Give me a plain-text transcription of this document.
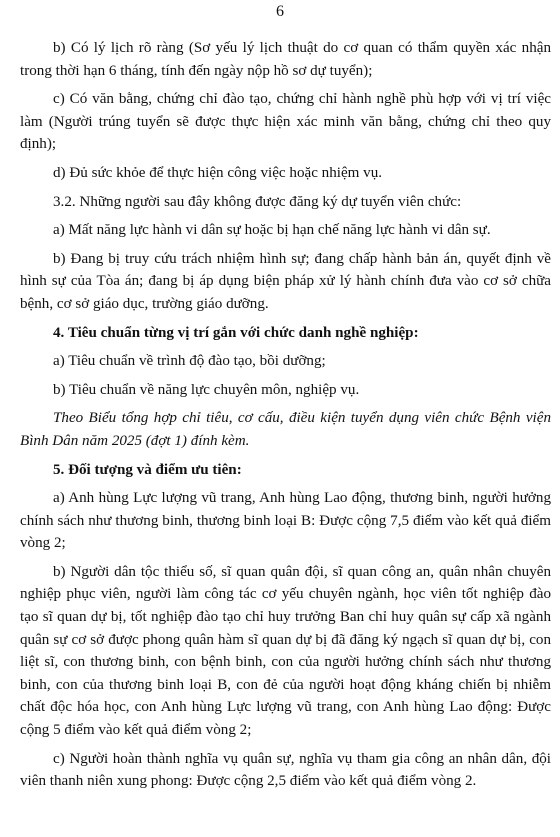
6

b) Có lý lịch rõ ràng (Sơ yếu lý lịch thuật do cơ quan có thẩm quyền xác nhận trong thời hạn 6 tháng, tính đến ngày nộp hồ sơ dự tuyển);

c) Có văn bằng, chứng chỉ đào tạo, chứng chỉ hành nghề phù hợp với vị trí việc làm (Người trúng tuyển sẽ được thực hiện xác minh văn bằng, chứng chỉ theo quy định);

d) Đủ sức khỏe để thực hiện công việc hoặc nhiệm vụ.

3.2. Những người sau đây không được đăng ký dự tuyển viên chức:

a) Mất năng lực hành vi dân sự hoặc bị hạn chế năng lực hành vi dân sự.

b) Đang bị truy cứu trách nhiệm hình sự; đang chấp hành bản án, quyết định về hình sự của Tòa án; đang bị áp dụng biện pháp xử lý hành chính đưa vào cơ sở chữa bệnh, cơ sở giáo dục, trường giáo dưỡng.

4. Tiêu chuẩn từng vị trí gắn với chức danh nghề nghiệp:

a) Tiêu chuẩn về trình độ đào tạo, bồi dưỡng;

b) Tiêu chuẩn về năng lực chuyên môn, nghiệp vụ.

Theo Biểu tổng hợp chỉ tiêu, cơ cấu, điều kiện tuyển dụng viên chức Bệnh viện Bình Dân năm 2025 (đợt 1) đính kèm.

5. Đối tượng và điểm ưu tiên:

a) Anh hùng Lực lượng vũ trang, Anh hùng Lao động, thương binh, người hưởng chính sách như thương binh, thương binh loại B: Được cộng 7,5 điểm vào kết quả điểm vòng 2;

b) Người dân tộc thiểu số, sĩ quan quân đội, sĩ quan công an, quân nhân chuyên nghiệp phục viên, người làm công tác cơ yếu chuyên ngành, học viên tốt nghiệp đào tạo sĩ quan dự bị, tốt nghiệp đào tạo chỉ huy trưởng Ban chỉ huy quân sự cấp xã ngành quân sự cơ sở được phong quân hàm sĩ quan dự bị đã đăng ký ngạch sĩ quan dự bị, con liệt sĩ, con thương binh, con bệnh binh, con của người hưởng chính sách như thương binh, con của thương binh loại B, con đẻ của người hoạt động kháng chiến bị nhiễm chất độc hóa học, con Anh hùng Lực lượng vũ trang, con Anh hùng Lao động: Được cộng 5 điểm vào kết quả điểm vòng 2;

c) Người hoàn thành nghĩa vụ quân sự, nghĩa vụ tham gia công an nhân dân, đội viên thanh niên xung phong: Được cộng 2,5 điểm vào kết quả điểm vòng 2.
